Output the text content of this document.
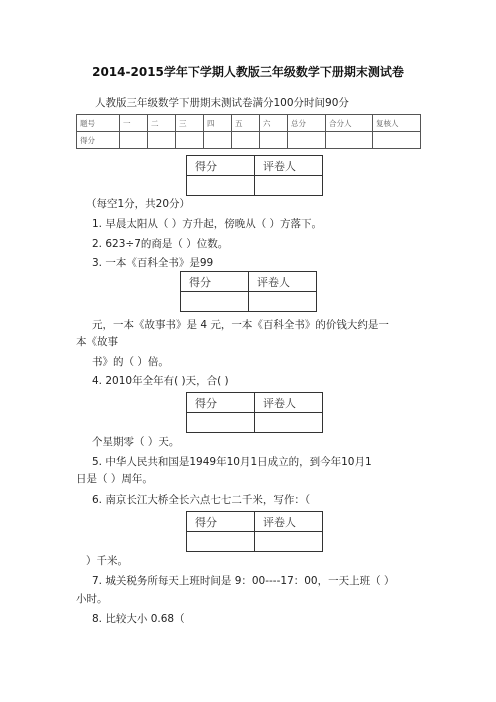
2014-2015学年下学期人教版三年级数学下册期末测试卷
人教版三年级数学下册期末测试卷满分100分时间90分
题号	一	二	三	四	五	六	总分	合分人	复核人
得分									
得分	评卷人

（每空1分，共20分）
1. 早晨太阳从（ ）方升起，傍晚从（ ）方落下。
2. 623÷7的商是（ ）位数。
3. 一本《百科全书》是99
得分	评卷人

元，一本《故事书》是 4 元，一本《百科全书》的价钱大约是一
本《故事
书》的（ ）倍。
4. 2010年全年有( )天，合( )
得分	评卷人

个星期零（ ）天。
5. 中华人民共和国是1949年10月1日成立的，到今年10月1
日是（ ）周年。
6. 南京长江大桥全长六点七七二千米，写作：（
得分	评卷人

）千米。
7. 城关税务所每天上班时间是 9：00----17：00，一天上班（ ）
小时。
8. 比较大小 0.68（
